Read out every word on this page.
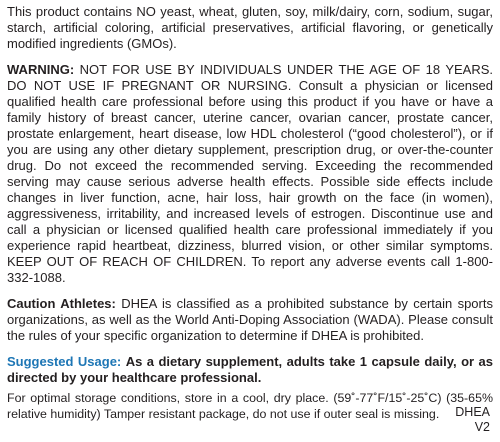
This product contains NO yeast, wheat, gluten, soy, milk/dairy, corn, sodium, sugar, starch, artificial coloring, artificial preservatives, artificial flavoring, or genetically modified ingredients (GMOs).

WARNING: NOT FOR USE BY INDIVIDUALS UNDER THE AGE OF 18 YEARS. DO NOT USE IF PREGNANT OR NURSING. Consult a physician or licensed qualified health care professional before using this product if you have or have a family history of breast cancer, uterine cancer, ovarian cancer, prostate cancer, prostate enlargement, heart disease, low HDL cholesterol (“good cholesterol”), or if you are using any other dietary supplement, prescription drug, or over-the-counter drug. Do not exceed the recommended serving. Exceeding the recommended serving may cause serious adverse health effects. Possible side effects include changes in liver function, acne, hair loss, hair growth on the face (in women), aggressiveness, irritability, and increased levels of estrogen. Discontinue use and call a physician or licensed qualified health care professional immediately if you experience rapid heartbeat, dizziness, blurred vision, or other similar symptoms. KEEP OUT OF REACH OF CHILDREN. To report any adverse events call 1-800-332-1088.

Caution Athletes: DHEA is classified as a prohibited substance by certain sports organizations, as well as the World Anti-Doping Association (WADA). Please consult the rules of your specific organization to determine if DHEA is prohibited.

Suggested Usage: As a dietary supplement, adults take 1 capsule daily, or as directed by your healthcare professional.

For optimal storage conditions, store in a cool, dry place. (59˚-77˚F/15˚-25˚C) (35-65% relative humidity) Tamper resistant package, do not use if outer seal is missing.	DHEA
V2
